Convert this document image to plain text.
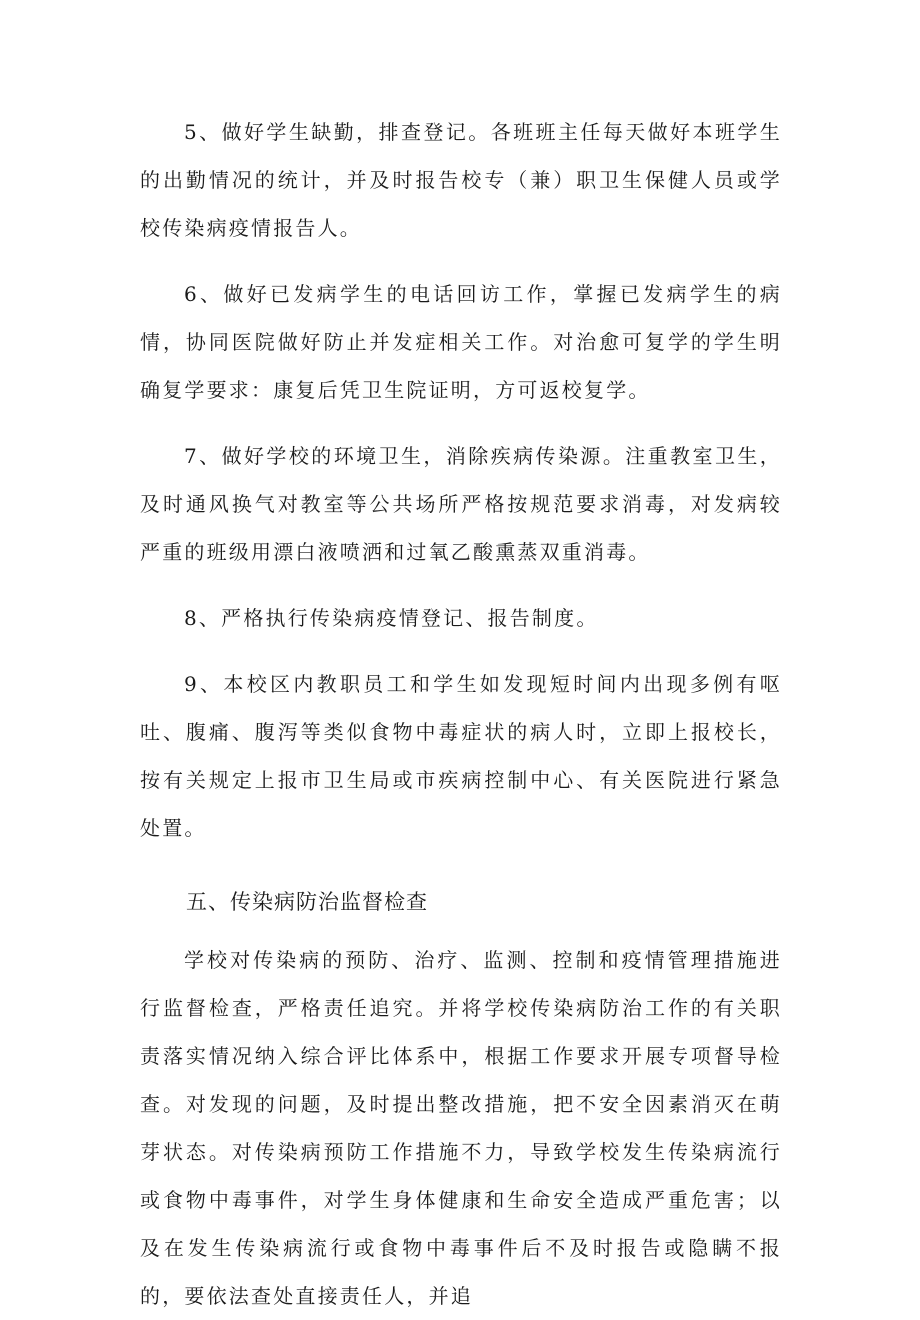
5、做好学生缺勤，排查登记。各班班主任每天做好本班学生的出勤情况的统计，并及时报告校专（兼）职卫生保健人员或学校传染病疫情报告人。

6、做好已发病学生的电话回访工作，掌握已发病学生的病情，协同医院做好防止并发症相关工作。对治愈可复学的学生明确复学要求：康复后凭卫生院证明，方可返校复学。

7、做好学校的环境卫生，消除疾病传染源。注重教室卫生，及时通风换气对教室等公共场所严格按规范要求消毒，对发病较严重的班级用漂白液喷洒和过氧乙酸熏蒸双重消毒。

8、严格执行传染病疫情登记、报告制度。

9、本校区内教职员工和学生如发现短时间内出现多例有呕吐、腹痛、腹泻等类似食物中毒症状的病人时，立即上报校长，按有关规定上报市卫生局或市疾病控制中心、有关医院进行紧急处置。

五、传染病防治监督检查

学校对传染病的预防、治疗、监测、控制和疫情管理措施进行监督检查，严格责任追究。并将学校传染病防治工作的有关职责落实情况纳入综合评比体系中，根据工作要求开展专项督导检查。对发现的问题，及时提出整改措施，把不安全因素消灭在萌芽状态。对传染病预防工作措施不力，导致学校发生传染病流行或食物中毒事件，对学生身体健康和生命安全造成严重危害；以及在发生传染病流行或食物中毒事件后不及时报告或隐瞒不报的，要依法查处直接责任人，并追
